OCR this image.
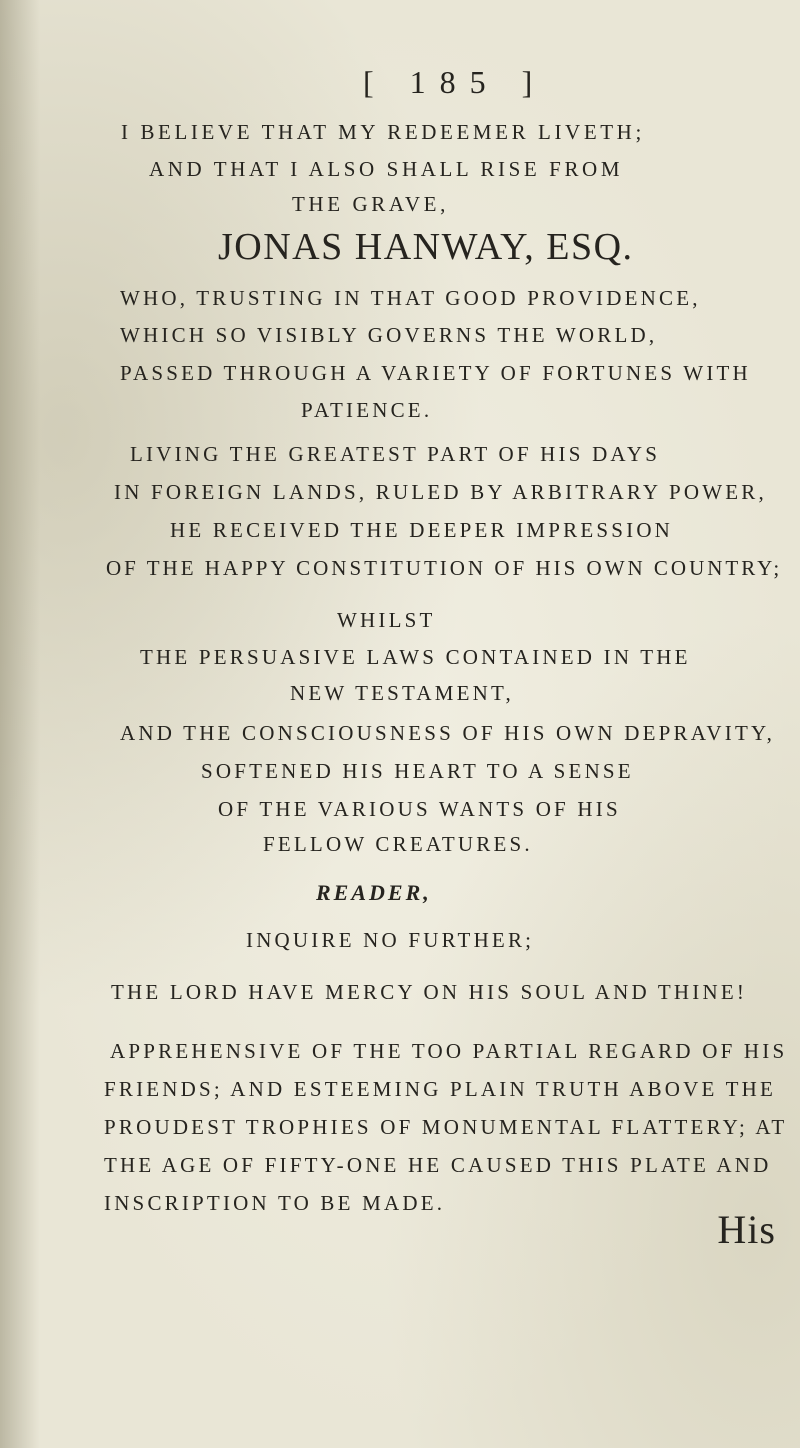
[ 185 ]
I BELIEVE THAT MY REDEEMER LIVETH;
AND THAT I ALSO SHALL RISE FROM
THE GRAVE,
JONAS HANWAY, ESQ.
WHO, TRUSTING IN THAT GOOD PROVIDENCE,
WHICH SO VISIBLY GOVERNS THE WORLD,
PASSED THROUGH A VARIETY OF FORTUNES WITH
PATIENCE.
LIVING THE GREATEST PART OF HIS DAYS
IN FOREIGN LANDS, RULED BY ARBITRARY POWER,
HE RECEIVED THE DEEPER IMPRESSION
OF THE HAPPY CONSTITUTION OF HIS OWN COUNTRY;
WHILST
THE PERSUASIVE LAWS CONTAINED IN THE
NEW TESTAMENT,
AND THE CONSCIOUSNESS OF HIS OWN DEPRAVITY,
SOFTENED HIS HEART TO A SENSE
OF THE VARIOUS WANTS OF HIS
FELLOW CREATURES.
READER,
INQUIRE NO FURTHER;
THE LORD HAVE MERCY ON HIS SOUL AND THINE!
APPREHENSIVE OF THE TOO PARTIAL REGARD OF HIS
FRIENDS; AND ESTEEMING PLAIN TRUTH ABOVE THE
PROUDEST TROPHIES OF MONUMENTAL FLATTERY; AT
THE AGE OF FIFTY-ONE HE CAUSED THIS PLATE AND
INSCRIPTION TO BE MADE.
His
